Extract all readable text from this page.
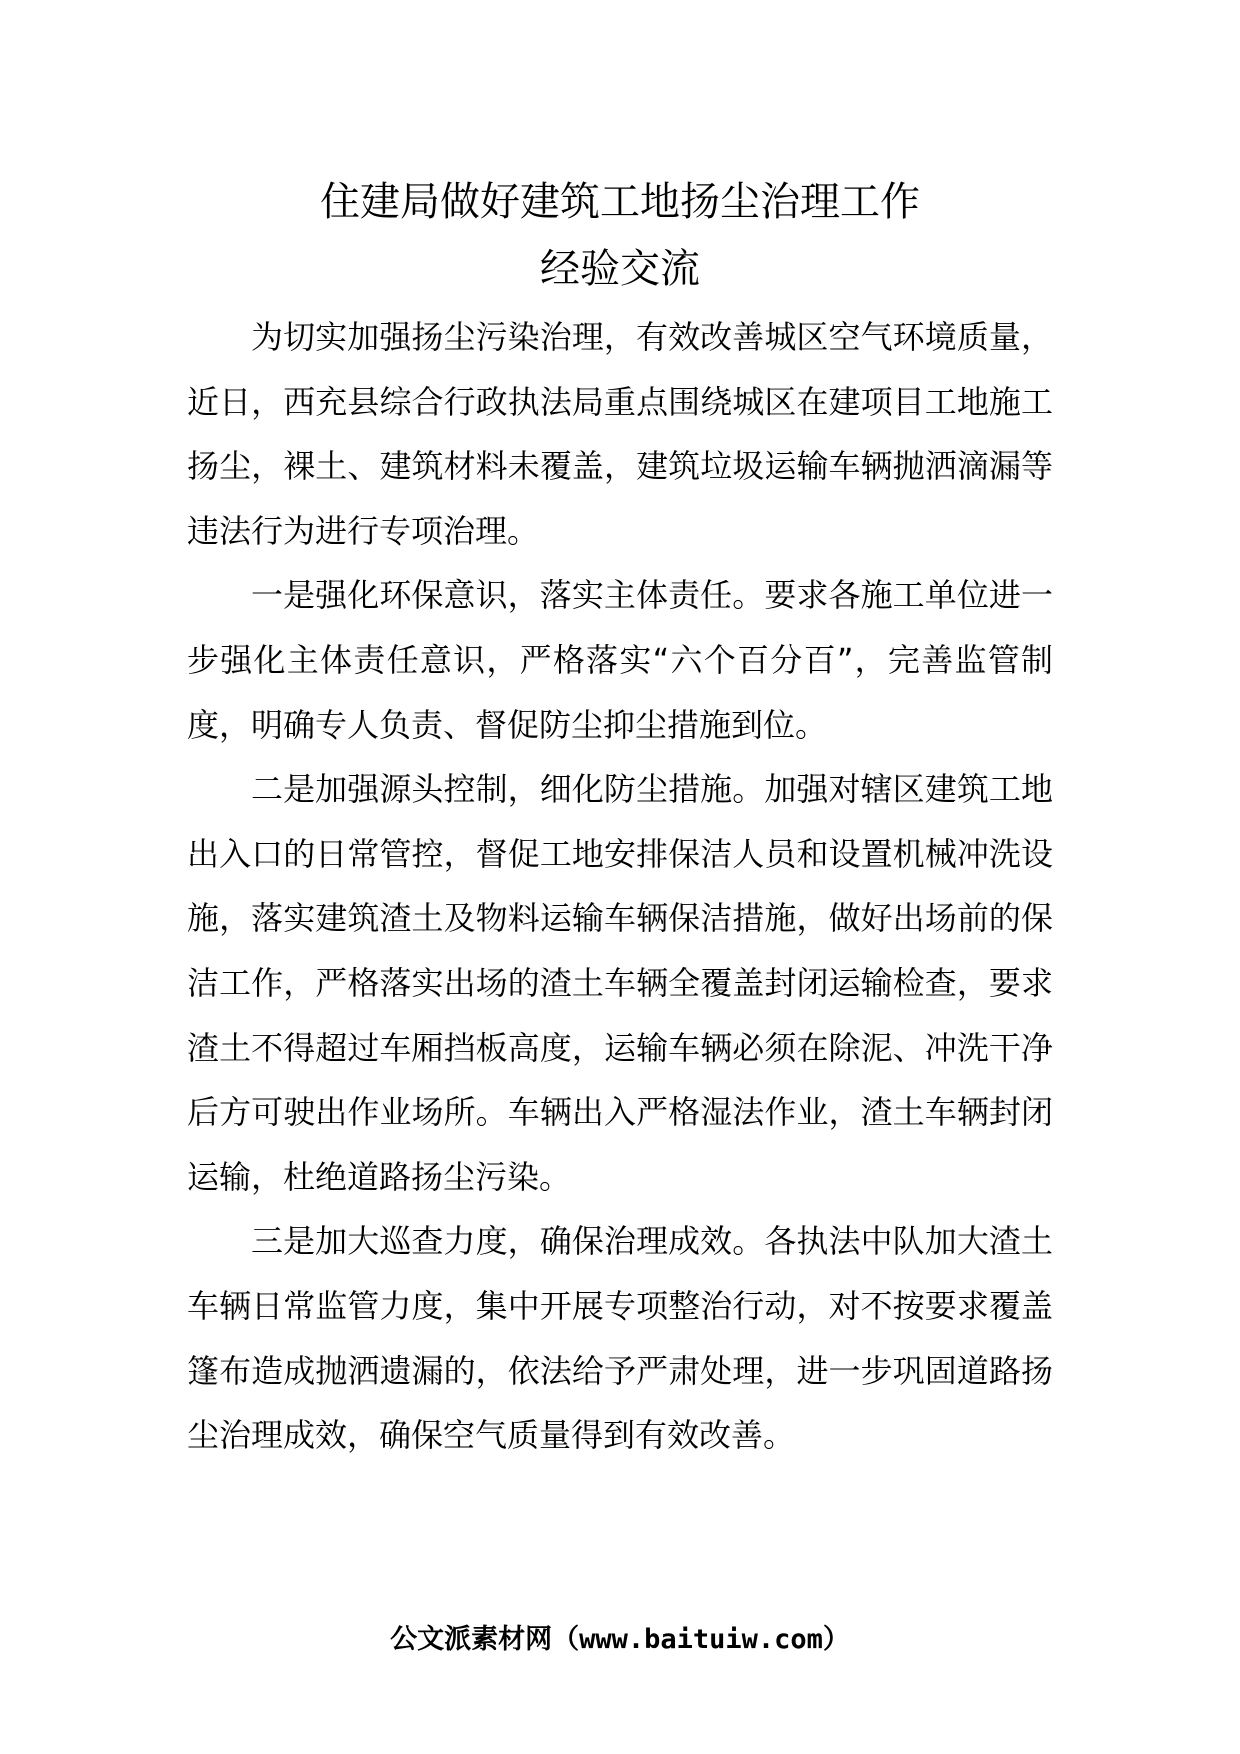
住建局做好建筑工地扬尘治理工作
经验交流

为切实加强扬尘污染治理，有效改善城区空气环境质量，近日，西充县综合行政执法局重点围绕城区在建项目工地施工扬尘，裸土、建筑材料未覆盖，建筑垃圾运输车辆抛洒滴漏等违法行为进行专项治理。

一是强化环保意识，落实主体责任。要求各施工单位进一步强化主体责任意识，严格落实“六个百分百”，完善监管制度，明确专人负责、督促防尘抑尘措施到位。

二是加强源头控制，细化防尘措施。加强对辖区建筑工地出入口的日常管控，督促工地安排保洁人员和设置机械冲洗设施，落实建筑渣土及物料运输车辆保洁措施，做好出场前的保洁工作，严格落实出场的渣土车辆全覆盖封闭运输检查，要求渣土不得超过车厢挡板高度，运输车辆必须在除泥、冲洗干净后方可驶出作业场所。车辆出入严格湿法作业，渣土车辆封闭运输，杜绝道路扬尘污染。

三是加大巡查力度，确保治理成效。各执法中队加大渣土车辆日常监管力度，集中开展专项整治行动，对不按要求覆盖篷布造成抛洒遗漏的，依法给予严肃处理，进一步巩固道路扬尘治理成效，确保空气质量得到有效改善。

公文派素材网（www.baituiw.com）
